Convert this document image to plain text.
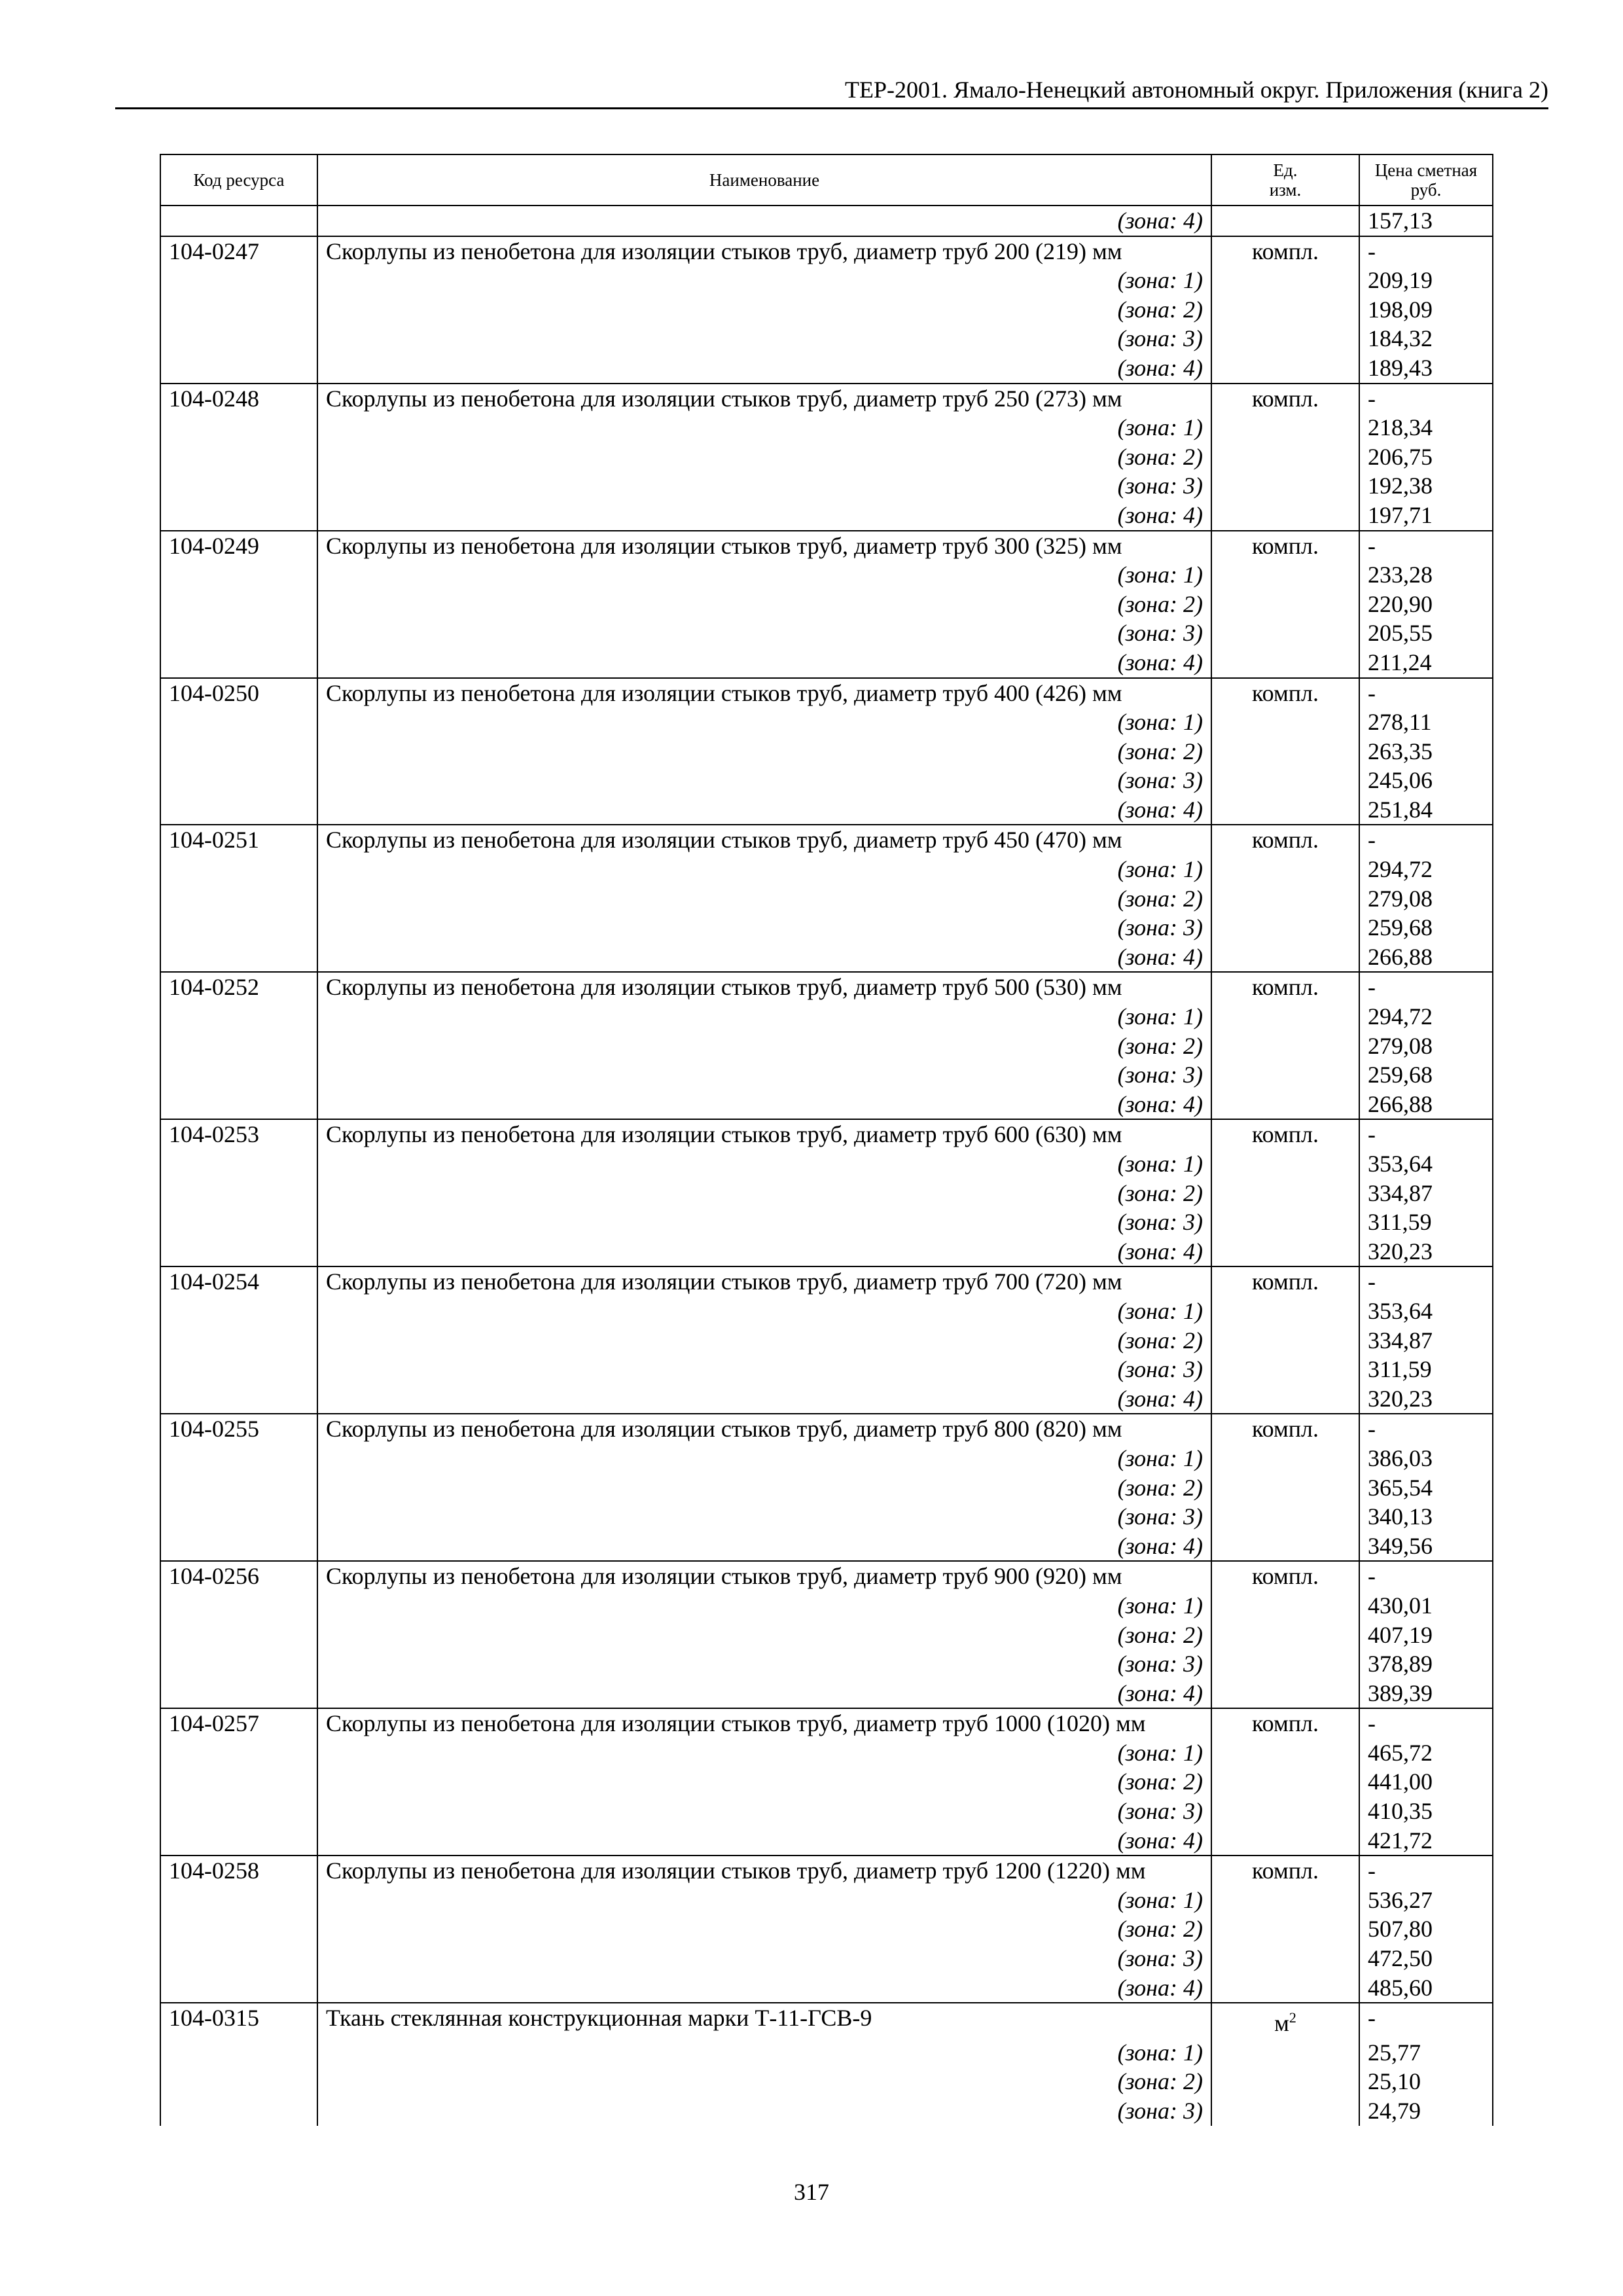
ТЕР-2001. Ямало-Ненецкий автономный округ. Приложения (книга 2)
Код ресурса	Наименование	Ед. изм.	Цена сметная руб.
	(зона: 4)		157,13
104-0247	Скорлупы из пенобетона для изоляции стыков труб, диаметр труб 200 (219) мм	компл.	-
	(зона: 1)		209,19
	(зона: 2)		198,09
	(зона: 3)		184,32
	(зона: 4)		189,43
104-0248	Скорлупы из пенобетона для изоляции стыков труб, диаметр труб 250 (273) мм	компл.	-
	(зона: 1)		218,34
	(зона: 2)		206,75
	(зона: 3)		192,38
	(зона: 4)		197,71
104-0249	Скорлупы из пенобетона для изоляции стыков труб, диаметр труб 300 (325) мм	компл.	-
	(зона: 1)		233,28
	(зона: 2)		220,90
	(зона: 3)		205,55
	(зона: 4)		211,24
104-0250	Скорлупы из пенобетона для изоляции стыков труб, диаметр труб 400 (426) мм	компл.	-
	(зона: 1)		278,11
	(зона: 2)		263,35
	(зона: 3)		245,06
	(зона: 4)		251,84
104-0251	Скорлупы из пенобетона для изоляции стыков труб, диаметр труб 450 (470) мм	компл.	-
	(зона: 1)		294,72
	(зона: 2)		279,08
	(зона: 3)		259,68
	(зона: 4)		266,88
104-0252	Скорлупы из пенобетона для изоляции стыков труб, диаметр труб 500 (530) мм	компл.	-
	(зона: 1)		294,72
	(зона: 2)		279,08
	(зона: 3)		259,68
	(зона: 4)		266,88
104-0253	Скорлупы из пенобетона для изоляции стыков труб, диаметр труб 600 (630) мм	компл.	-
	(зона: 1)		353,64
	(зона: 2)		334,87
	(зона: 3)		311,59
	(зона: 4)		320,23
104-0254	Скорлупы из пенобетона для изоляции стыков труб, диаметр труб 700 (720) мм	компл.	-
	(зона: 1)		353,64
	(зона: 2)		334,87
	(зона: 3)		311,59
	(зона: 4)		320,23
104-0255	Скорлупы из пенобетона для изоляции стыков труб, диаметр труб 800 (820) мм	компл.	-
	(зона: 1)		386,03
	(зона: 2)		365,54
	(зона: 3)		340,13
	(зона: 4)		349,56
104-0256	Скорлупы из пенобетона для изоляции стыков труб, диаметр труб 900 (920) мм	компл.	-
	(зона: 1)		430,01
	(зона: 2)		407,19
	(зона: 3)		378,89
	(зона: 4)		389,39
104-0257	Скорлупы из пенобетона для изоляции стыков труб, диаметр труб 1000 (1020) мм	компл.	-
	(зона: 1)		465,72
	(зона: 2)		441,00
	(зона: 3)		410,35
	(зона: 4)		421,72
104-0258	Скорлупы из пенобетона для изоляции стыков труб, диаметр труб 1200 (1220) мм	компл.	-
	(зона: 1)		536,27
	(зона: 2)		507,80
	(зона: 3)		472,50
	(зона: 4)		485,60
104-0315	Ткань стеклянная конструкционная марки Т-11-ГСВ-9	$м^2$	-
	(зона: 1)		25,77
	(зона: 2)		25,10
	(зона: 3)		24,79
317
